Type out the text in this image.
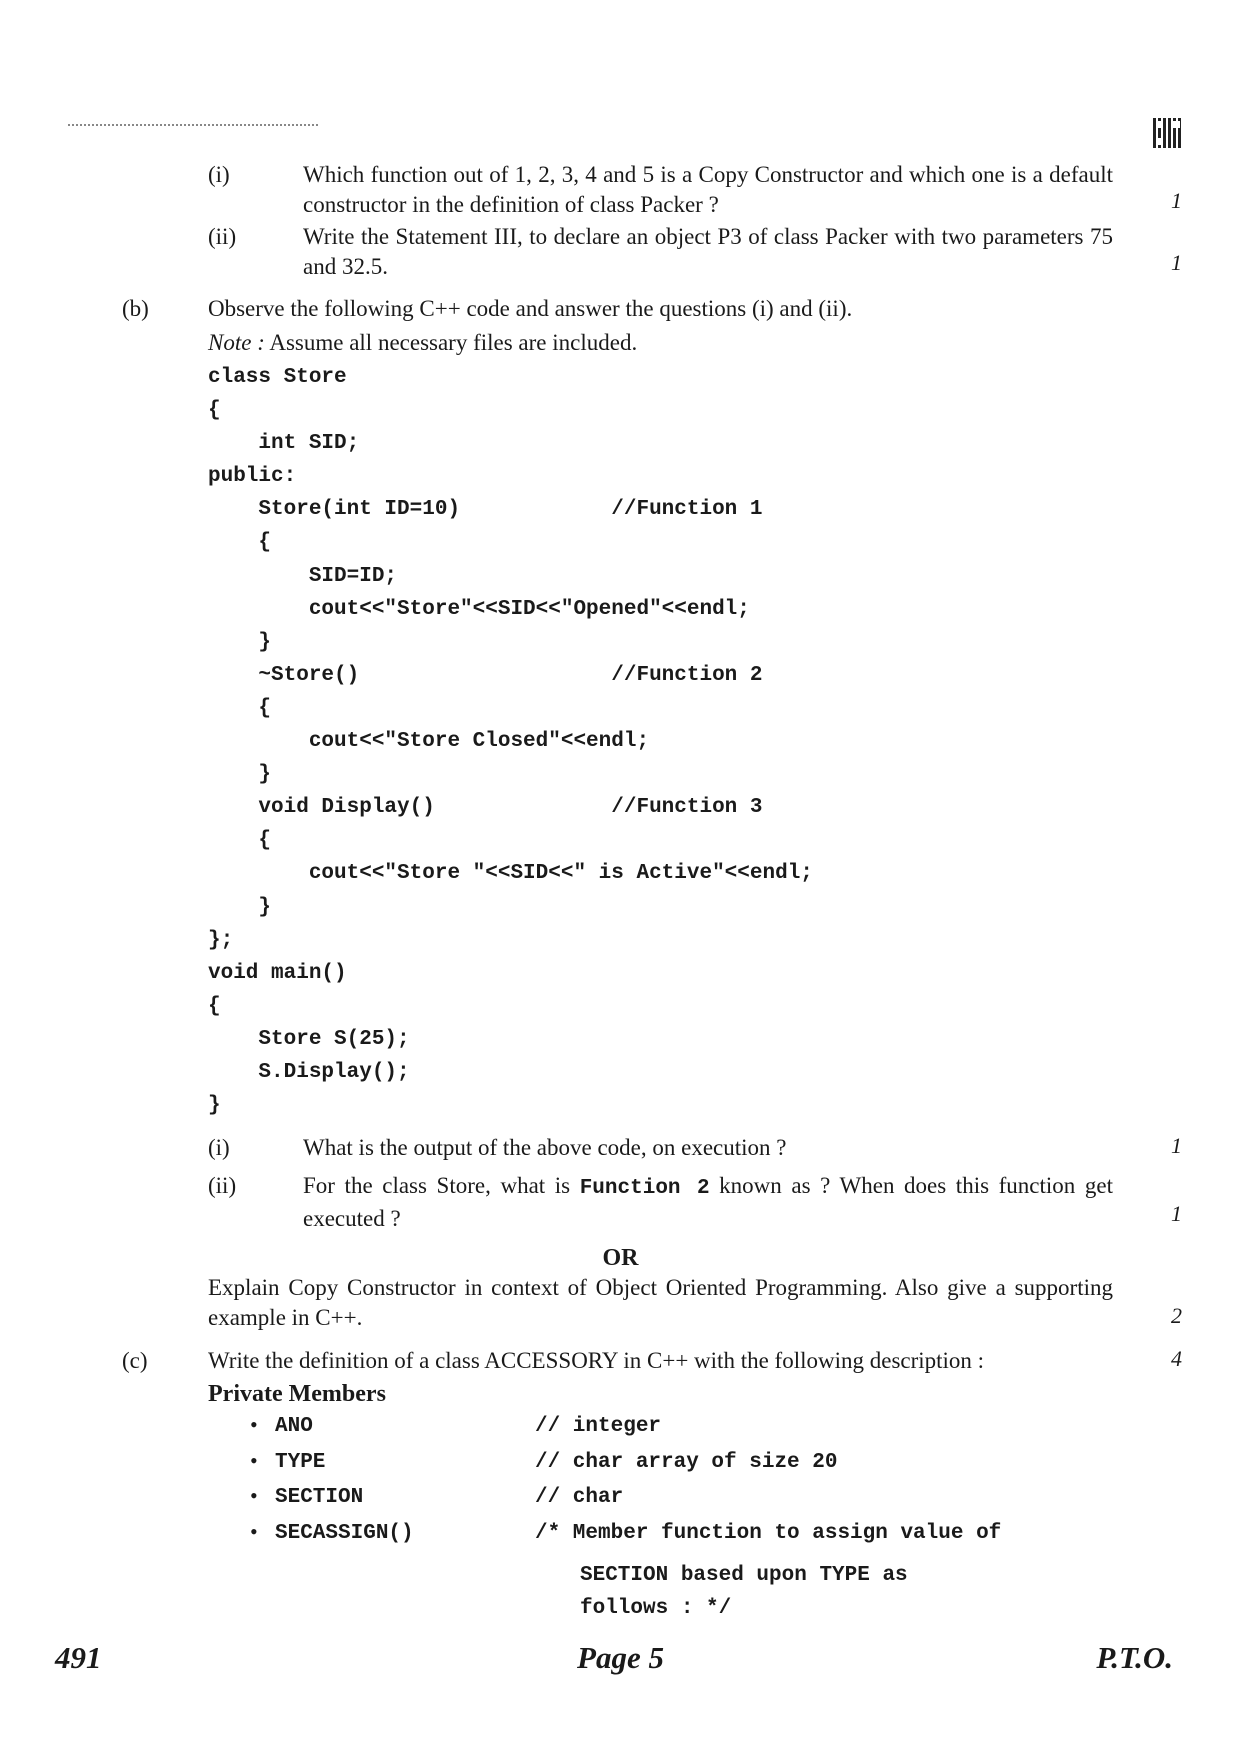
(i)	Which function out of 1, 2, 3, 4 and 5 is a Copy Constructor and which one is a default constructor in the definition of class Packer ?	1
(ii)	Write the Statement III, to declare an object P3 of class Packer with two parameters 75 and 32.5.	1
(b)	Observe the following C++ code and answer the questions (i) and (ii).
Note : Assume all necessary files are included.
class Store
{
int SID;
public:
Store(int ID=10)            //Function 1
{
SID=ID;
cout<<"Store"<<SID<<"Opened"<<endl;
}
~Store()                    //Function 2
{
cout<<"Store Closed"<<endl;
}
void Display()              //Function 3
{
cout<<"Store "<<SID<<" is Active"<<endl;
}
};
void main()
{
Store S(25);
S.Display();
}
(i)	What is the output of the above code, on execution ?	1
(ii)	For the class Store, what is Function 2 known as ? When does this function get executed ?	1
OR
Explain Copy Constructor in context of Object Oriented Programming. Also give a supporting example in C++.	2
(c)	Write the definition of a class ACCESSORY in C++ with the following description :	4
Private Members
• ANO	// integer
• TYPE	// char array of size 20
• SECTION	// char
• SECASSIGN()	/* Member function to assign value of
SECTION based upon TYPE as
follows : */
491	Page 5	P.T.O.
